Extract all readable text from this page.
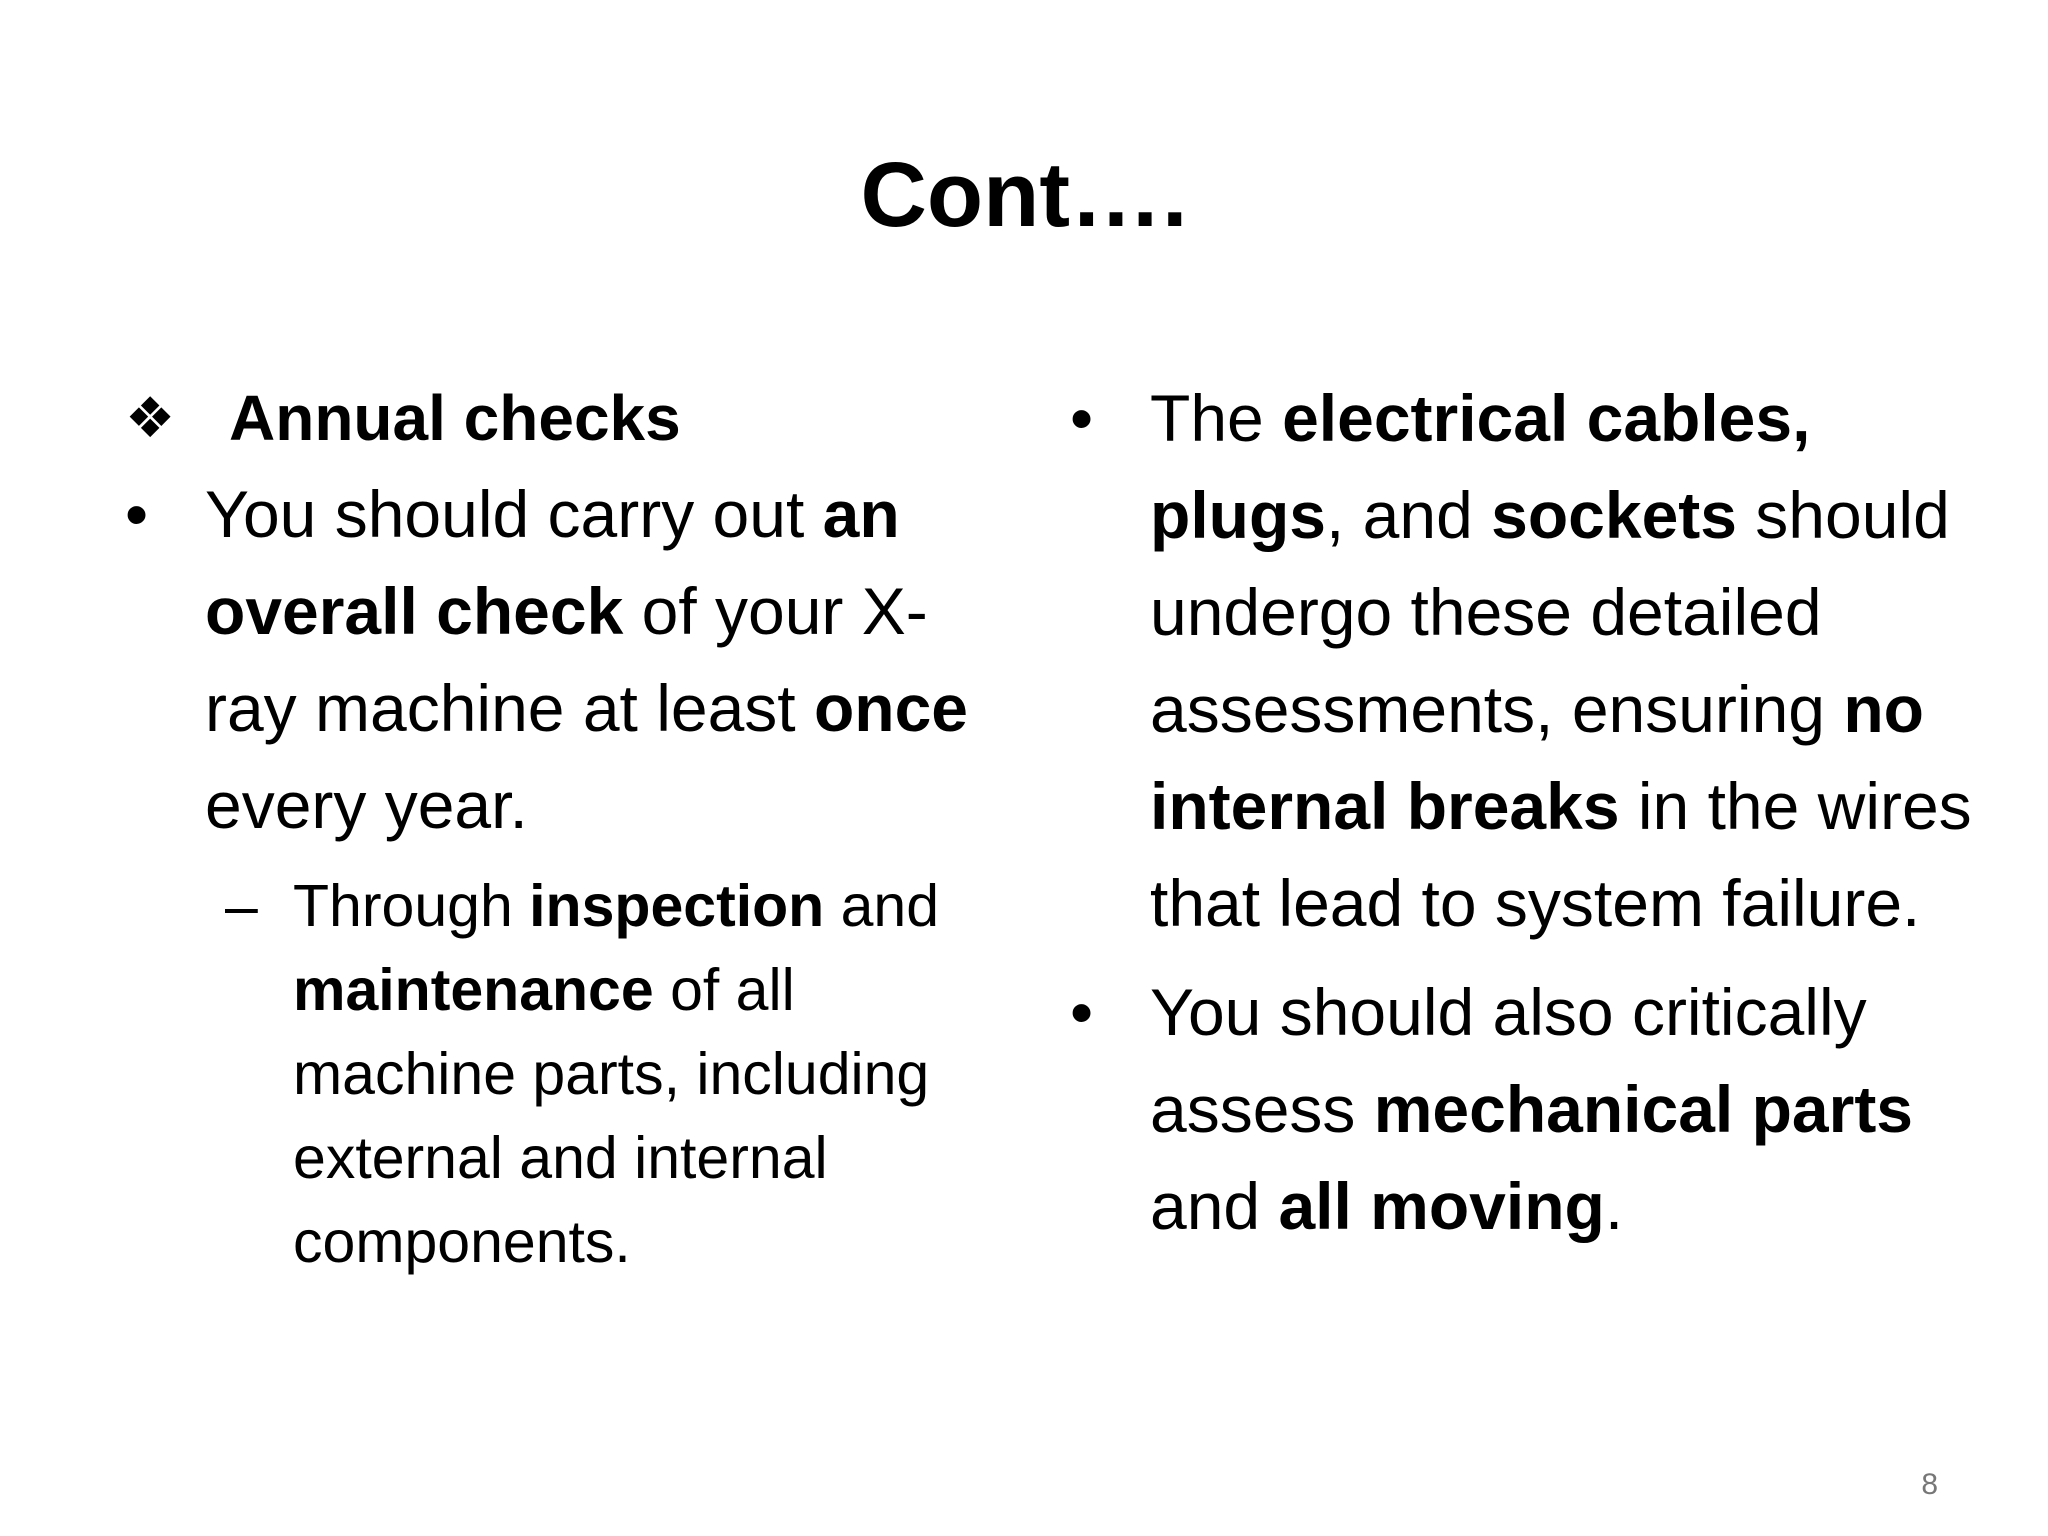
Cont….
❖ Annual checks

• You should carry out an overall check of your X-ray machine at least once every year.

– Through inspection and maintenance of all machine parts, including external and internal components.

• The electrical cables, plugs, and sockets should undergo these detailed assessments, ensuring no internal breaks in the wires that lead to system failure.

• You should also critically assess mechanical parts and all moving.

8
